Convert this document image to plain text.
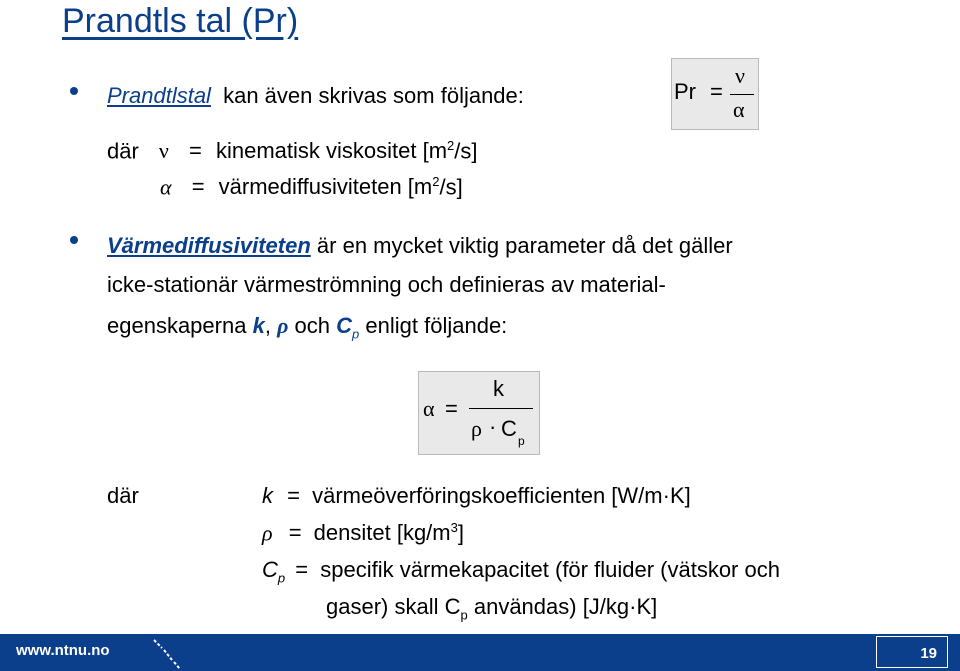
Prandtls tal (Pr)
Prandtlstal kan även skrivas som följande:	Pr =
ν
α
där ν = kinematisk viskositet $[m^2/s]$
α = värmediffusiviteten $[m^2/s]$
Värmediffusiviteten är en mycket viktig parameter då det gäller
icke-stationär värmeströmning och definieras av material-
egenskaperna k, ρ och $C_p$ enligt följande:
α =
k
ρ · C p
där	k = värmeöverföringskoefficienten [W/m·K]
ρ = densitet $[kg/m^3]$
$C_p$ = specifik värmekapacitet (för fluider (vätskor och
gaser) skall $C_p$ användas) [J/kg·K]
www.ntnu.no	19
